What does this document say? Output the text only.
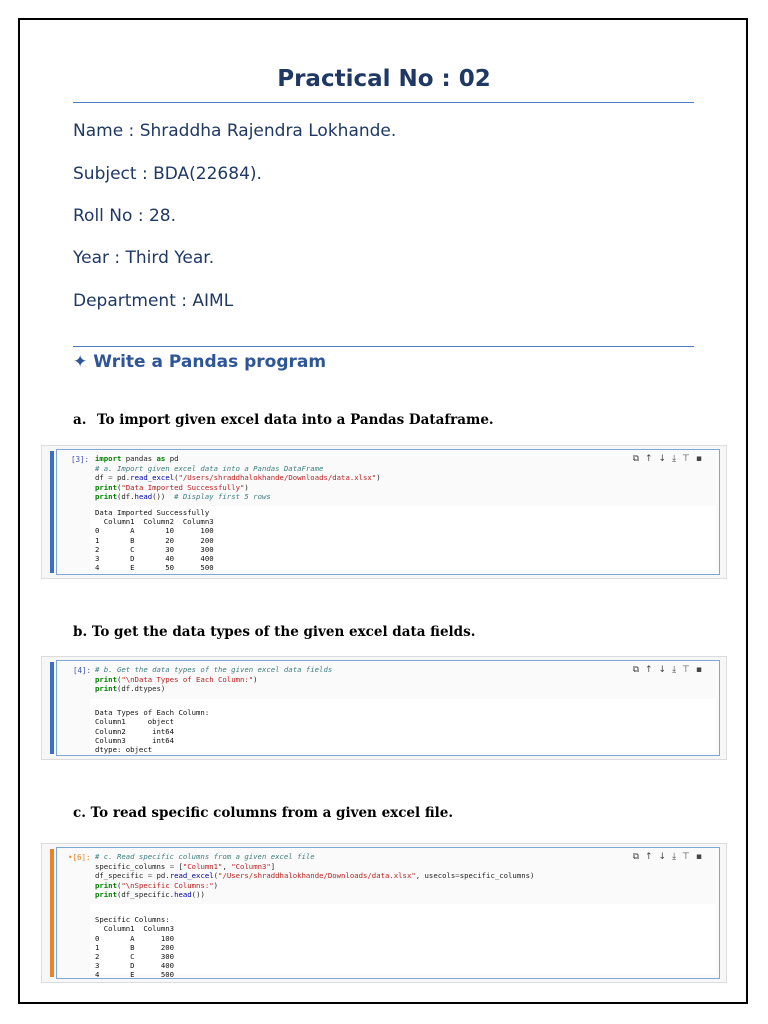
Practical No : 02
Name : Shraddha Rajendra Lokhande.
Subject : BDA(22684).
Roll No : 28.
Year : Third Year.
Department : AIML
✦ Write a Pandas program
a. To import given excel data into a Pandas Dataframe.
[3]: import pandas as pd
# a. Import given excel data into a Pandas DataFrame
df = pd.read_excel("/Users/shraddhalokhande/Downloads/data.xlsx")
print("Data Imported Successfully")
print(df.head())  # Display first 5 rows
Data Imported Successfully
Column1  Column2  Column3
0       A       10      100
1       B       20      200
2       C       30      300
3       D       40      400
4       E       50      500
⧉↑↓⤓⊤▪
b. To get the data types of the given excel data fields.
[4]: # b. Get the data types of the given excel data fields
print("\nData Types of Each Column:")
print(df.dtypes)

Data Types of Each Column:
Column1     object
Column2      int64
Column3      int64
dtype: object
⧉↑↓⤓⊤▪
c. To read specific columns from a given excel file.
•[6]: # c. Read specific columns from a given excel file
specific_columns = ["Column1", "Column3"]
df_specific = pd.read_excel("/Users/shraddhalokhande/Downloads/data.xlsx", usecols=specific_columns)
print("\nSpecific Columns:")
print(df_specific.head())

Specific Columns:
Column1  Column3
0       A      100
1       B      200
2       C      300
3       D      400
4       E      500
⧉↑↓⤓⊤▪
